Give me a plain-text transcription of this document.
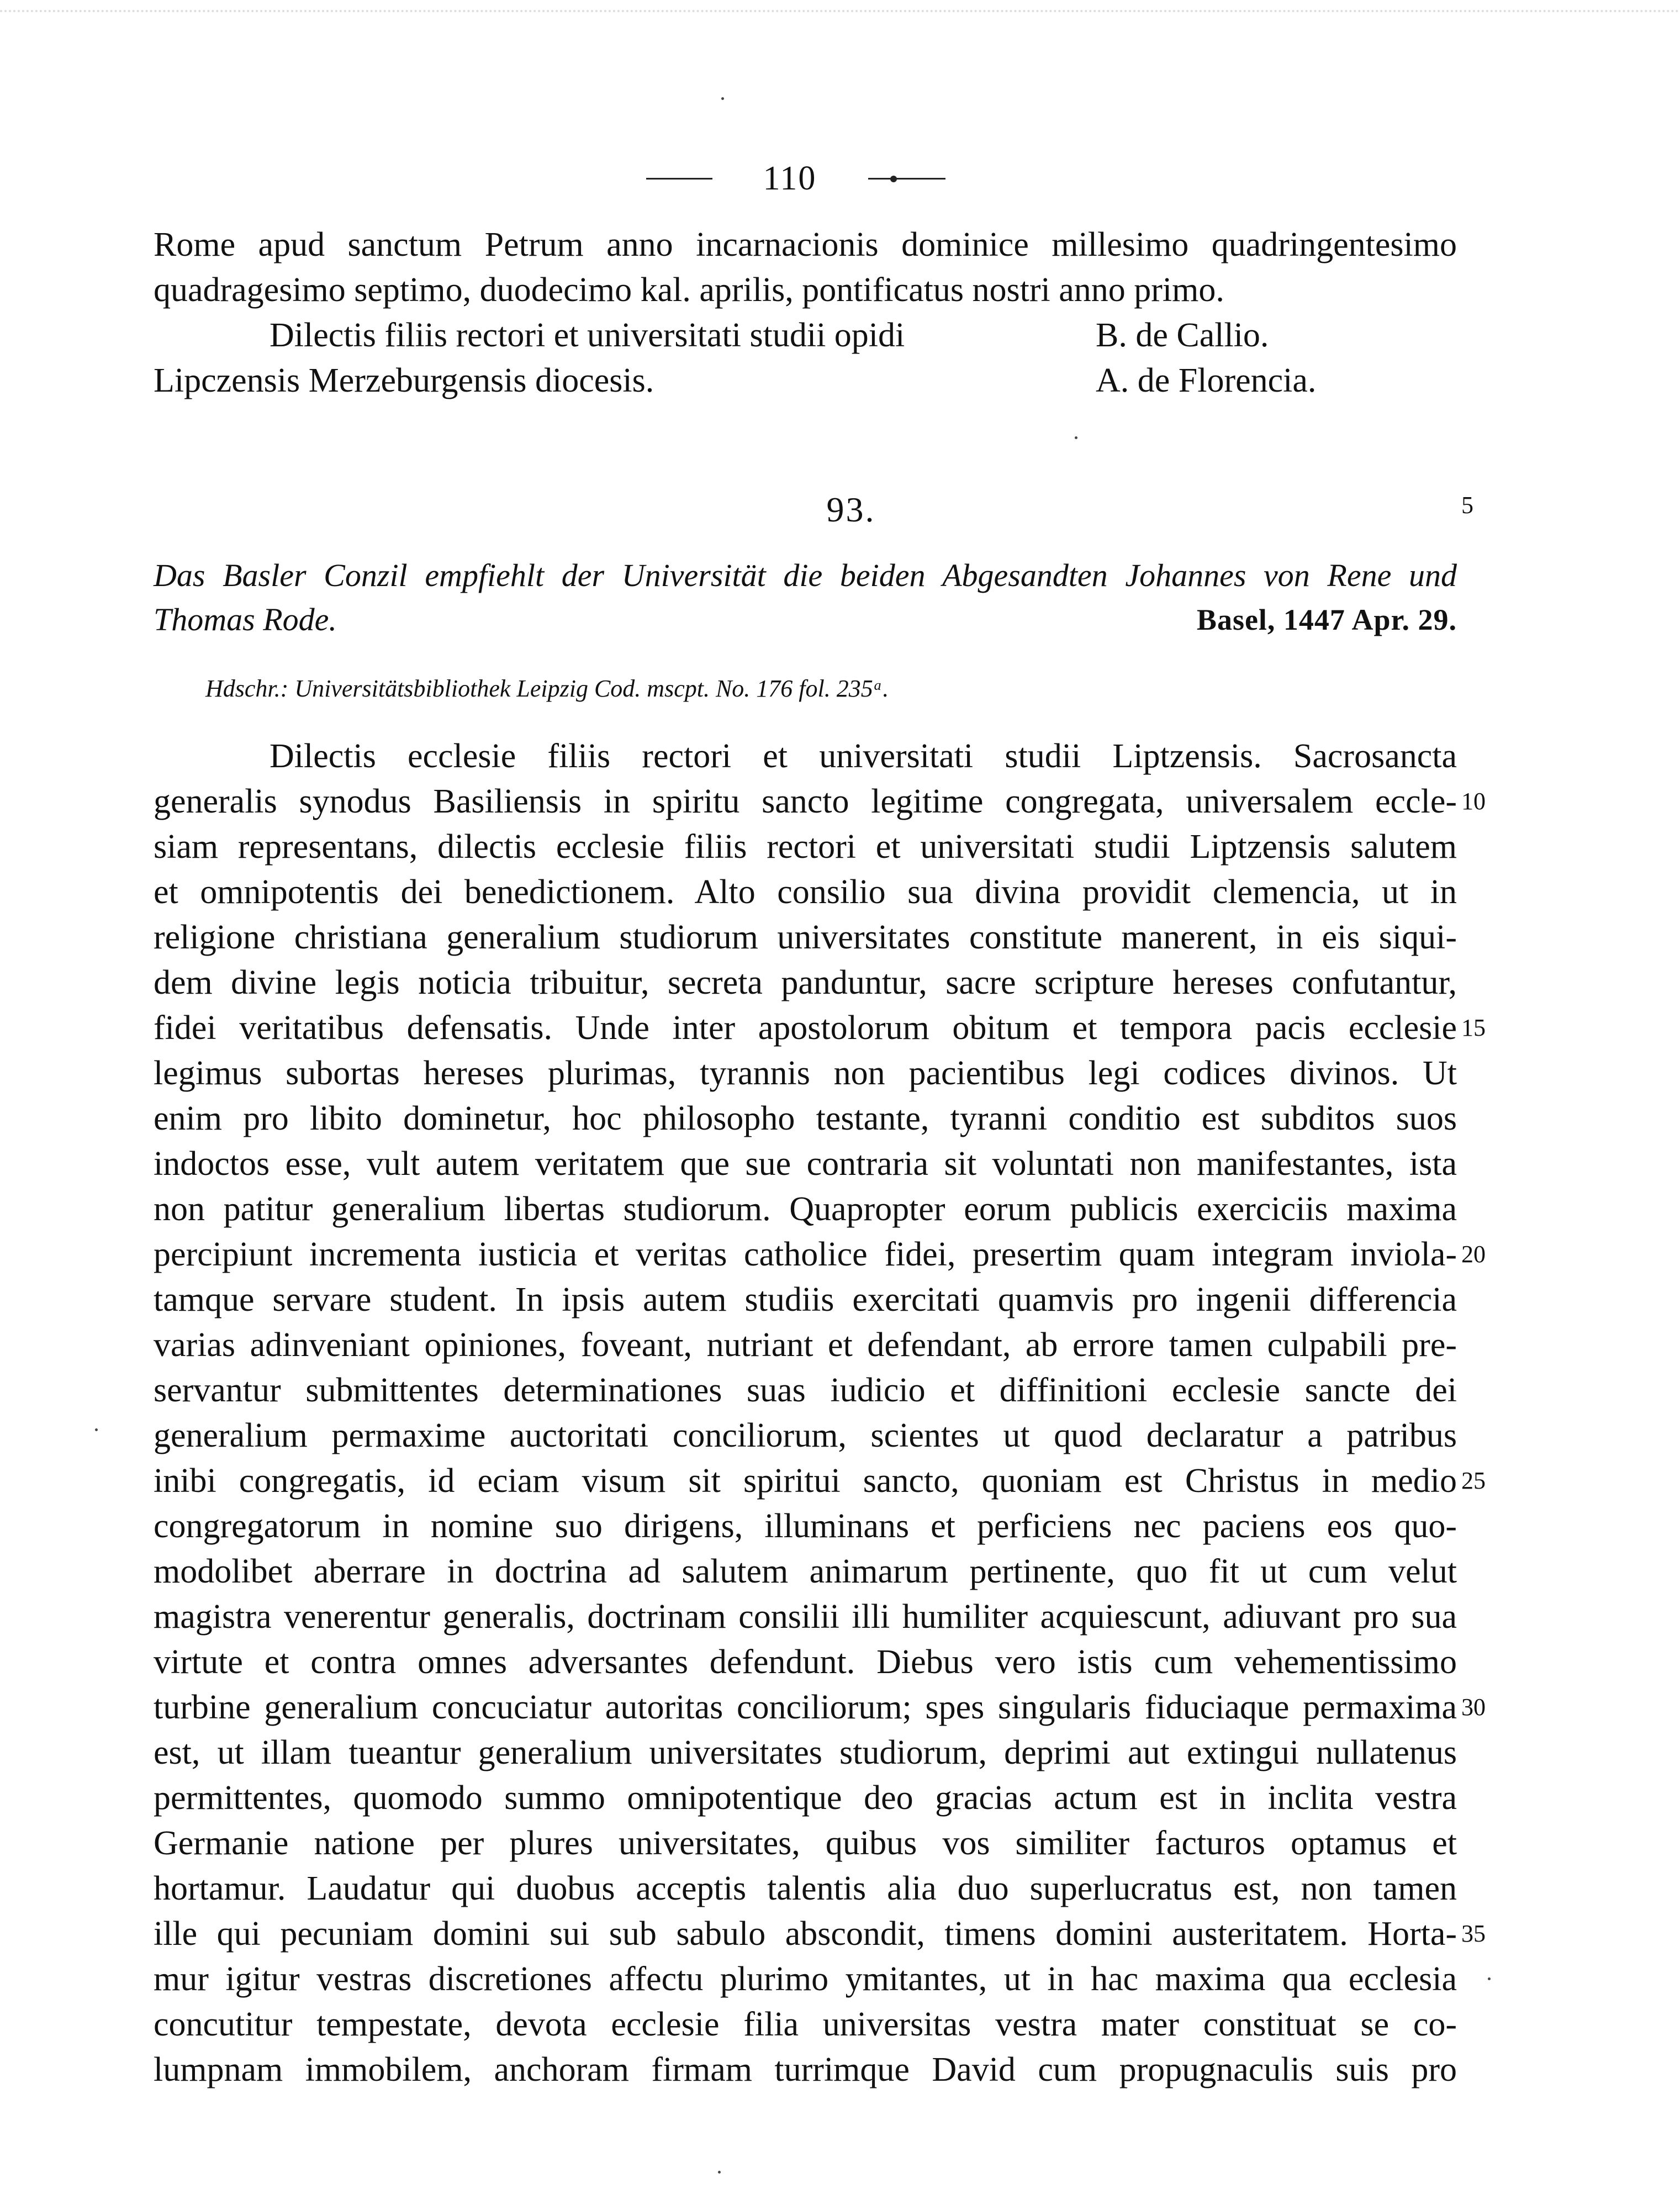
110
Rome apud sanctum Petrum anno incarnacionis dominice millesimo quadringentesimo
quadragesimo septimo, duodecimo kal. aprilis, pontificatus nostri anno primo.
Dilectis filiis rectori et universitati studii opidi	B. de Callio.
Lipczensis Merzeburgensis diocesis.	A. de Florencia.
93.
Das Basler Conzil empfiehlt der Universität die beiden Abgesandten Johannes von Rene und
Thomas Rode.	Basel, 1447 Apr. 29.
Hdschr.: Universitätsbibliothek Leipzig Cod. mscpt. No. 176 fol. 235ᵃ.
Dilectis ecclesie filiis rectori et universitati studii Liptzensis. Sacrosancta
generalis synodus Basiliensis in spiritu sancto legitime congregata, universalem eccle-
siam representans, dilectis ecclesie filiis rectori et universitati studii Liptzensis salutem
et omnipotentis dei benedictionem. Alto consilio sua divina providit clemencia, ut in
religione christiana generalium studiorum universitates constitute manerent, in eis siqui-
dem divine legis noticia tribuitur, secreta panduntur, sacre scripture hereses confutantur,
fidei veritatibus defensatis. Unde inter apostolorum obitum et tempora pacis ecclesie
legimus subortas hereses plurimas, tyrannis non pacientibus legi codices divinos. Ut
enim pro libito dominetur, hoc philosopho testante, tyranni conditio est subditos suos
indoctos esse, vult autem veritatem que sue contraria sit voluntati non manifestantes, ista
non patitur generalium libertas studiorum. Quapropter eorum publicis exerciciis maxima
percipiunt incrementa iusticia et veritas catholice fidei, presertim quam integram inviola-
tamque servare student. In ipsis autem studiis exercitati quamvis pro ingenii differencia
varias adinveniant opiniones, foveant, nutriant et defendant, ab errore tamen culpabili pre-
servantur submittentes determinationes suas iudicio et diffinitioni ecclesie sancte dei
generalium permaxime auctoritati conciliorum, scientes ut quod declaratur a patribus
inibi congregatis, id eciam visum sit spiritui sancto, quoniam est Christus in medio
congregatorum in nomine suo dirigens, illuminans et perficiens nec paciens eos quo-
modolibet aberrare in doctrina ad salutem animarum pertinente, quo fit ut cum velut
magistra venerentur generalis, doctrinam consilii illi humiliter acquiescunt, adiuvant pro sua
virtute et contra omnes adversantes defendunt. Diebus vero istis cum vehementissimo
turbine generalium concuciatur autoritas conciliorum; spes singularis fiduciaque permaxima
est, ut illam tueantur generalium universitates studiorum, deprimi aut extingui nullatenus
permittentes, quomodo summo omnipotentique deo gracias actum est in inclita vestra
Germanie natione per plures universitates, quibus vos similiter facturos optamus et
hortamur. Laudatur qui duobus acceptis talentis alia duo superlucratus est, non tamen
ille qui pecuniam domini sui sub sabulo abscondit, timens domini austeritatem. Horta-
mur igitur vestras discretiones affectu plurimo ymitantes, ut in hac maxima qua ecclesia
concutitur tempestate, devota ecclesie filia universitas vestra mater constituat se co-
lumpnam immobilem, anchoram firmam turrimque David cum propugnaculis suis pro
5
10
15
20
25
30
35
